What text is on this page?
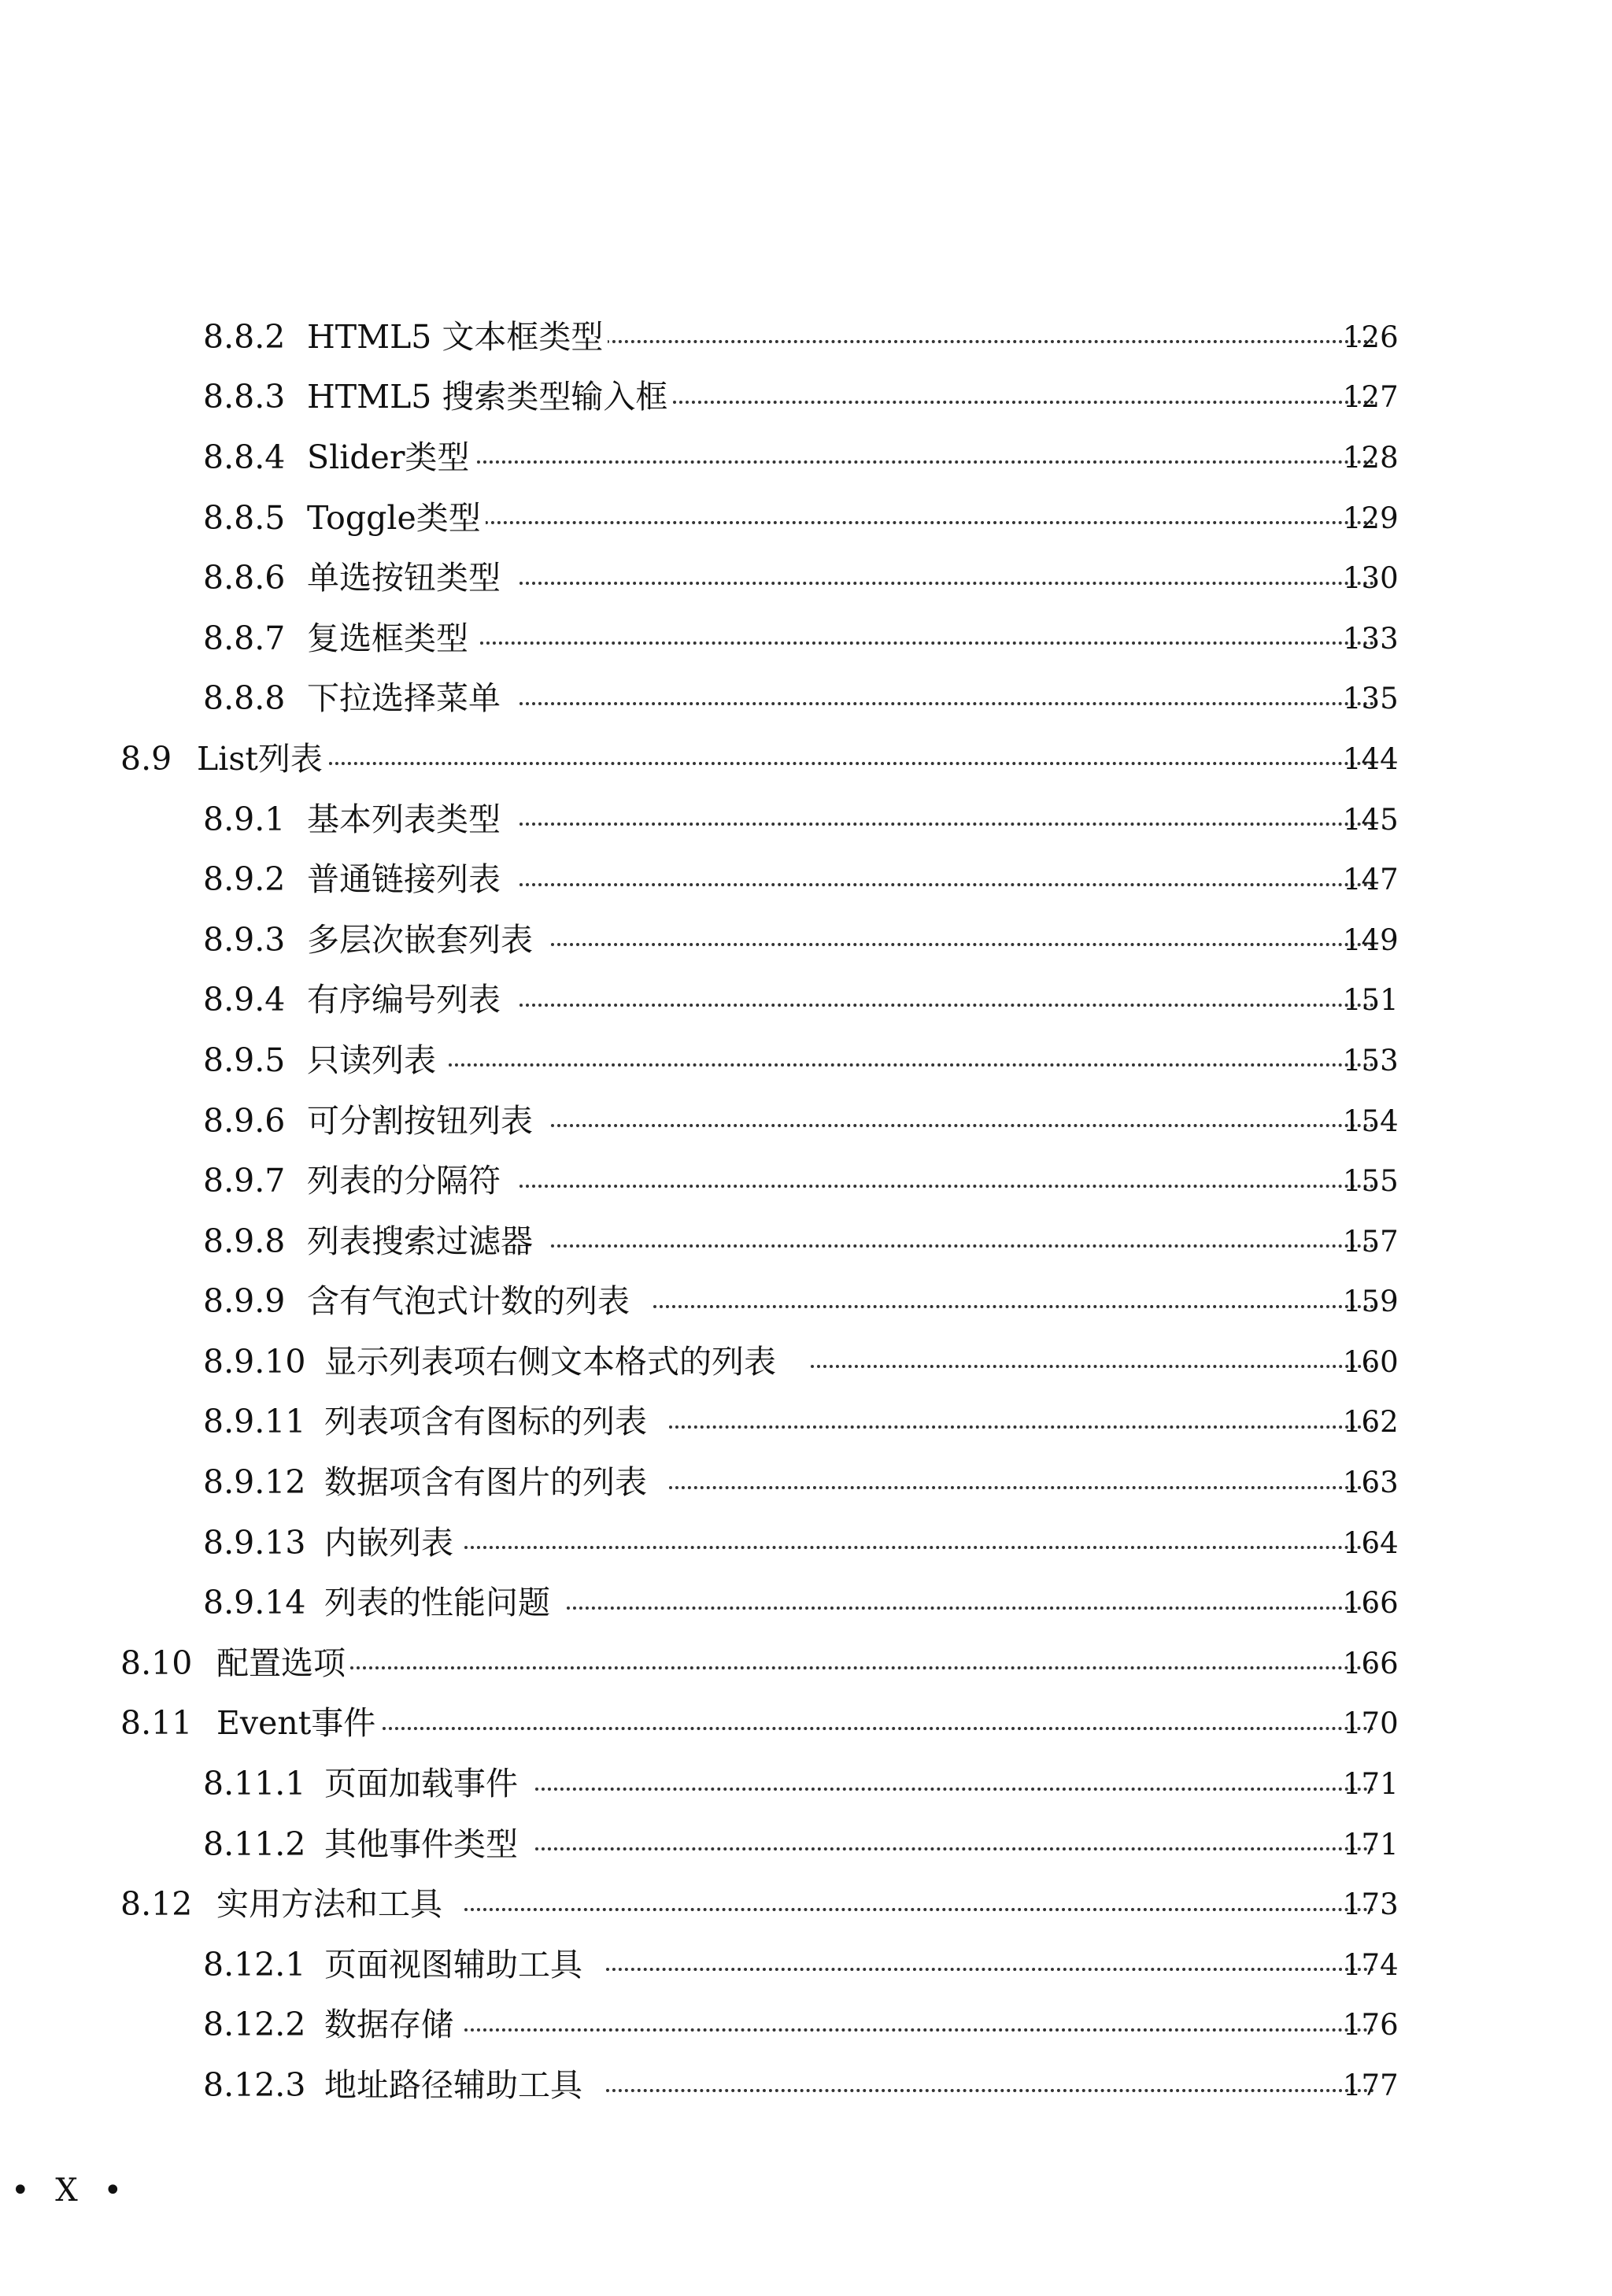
8.8.2 HTML5 文本框类型	126
8.8.3 HTML5 搜索类型输入框	127
8.8.4 Slider类型	128
8.8.5 Toggle类型	129
8.8.6 单选按钮类型	130
8.8.7 复选框类型	133
8.8.8 下拉选择菜单	135
8.9 List列表	144
8.9.1 基本列表类型	145
8.9.2 普通链接列表	147
8.9.3 多层次嵌套列表	149
8.9.4 有序编号列表	151
8.9.5 只读列表	153
8.9.6 可分割按钮列表	154
8.9.7 列表的分隔符	155
8.9.8 列表搜索过滤器	157
8.9.9 含有气泡式计数的列表	159
8.9.10 显示列表项右侧文本格式的列表	160
8.9.11 列表项含有图标的列表	162
8.9.12 数据项含有图片的列表	163
8.9.13 内嵌列表	164
8.9.14 列表的性能问题	166
8.10 配置选项	166
8.11 Event事件	170
8.11.1 页面加载事件	171
8.11.2 其他事件类型	171
8.12 实用方法和工具	173
8.12.1 页面视图辅助工具	174
8.12.2 数据存储	176
8.12.3 地址路径辅助工具	177
• Ⅹ •
